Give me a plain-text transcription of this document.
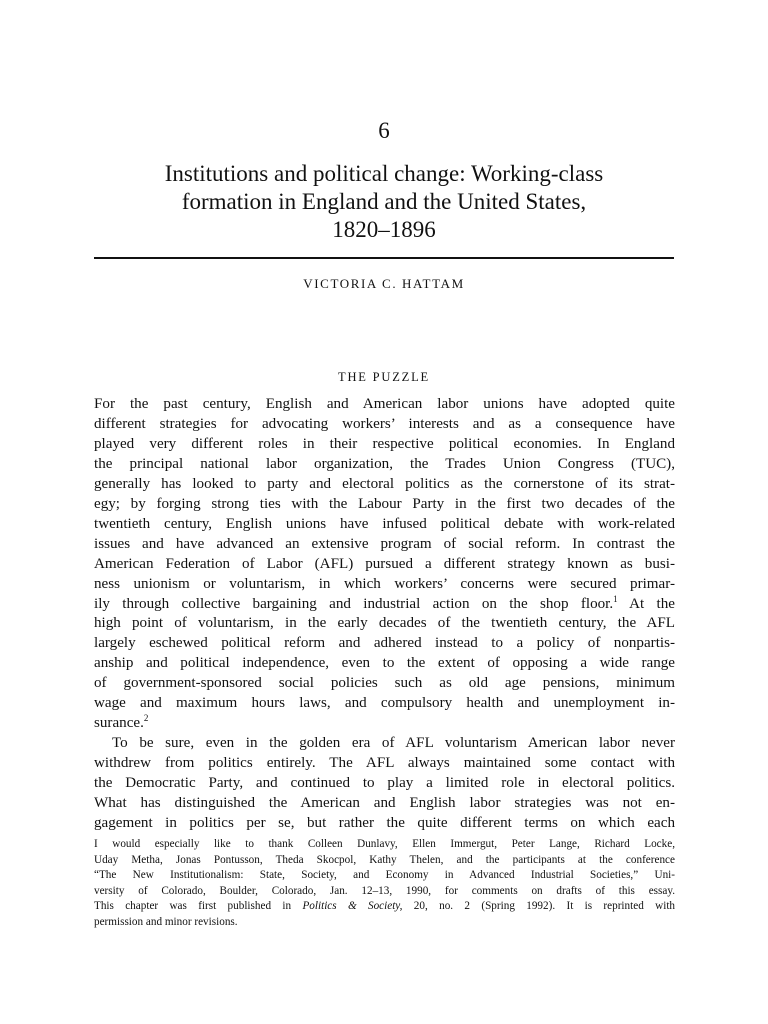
6
Institutions and political change: Working-class
formation in England and the United States,
1820–1896
VICTORIA C. HATTAM
THE PUZZLE
For the past century, English and American labor unions have adopted quite
different strategies for advocating workers’ interests and as a consequence have
played very different roles in their respective political economies. In England
the principal national labor organization, the Trades Union Congress (TUC),
generally has looked to party and electoral politics as the cornerstone of its strat-
egy; by forging strong ties with the Labour Party in the first two decades of the
twentieth century, English unions have infused political debate with work-related
issues and have advanced an extensive program of social reform. In contrast the
American Federation of Labor (AFL) pursued a different strategy known as busi-
ness unionism or voluntarism, in which workers’ concerns were secured primar-
ily through collective bargaining and industrial action on the shop floor.$^1$ At the
high point of voluntarism, in the early decades of the twentieth century, the AFL
largely eschewed political reform and adhered instead to a policy of nonpartis-
anship and political independence, even to the extent of opposing a wide range
of government-sponsored social policies such as old age pensions, minimum
wage and maximum hours laws, and compulsory health and unemployment in-
surance.$^2$
To be sure, even in the golden era of AFL voluntarism American labor never
withdrew from politics entirely. The AFL always maintained some contact with
the Democratic Party, and continued to play a limited role in electoral politics.
What has distinguished the American and English labor strategies was not en-
gagement in politics per se, but rather the quite different terms on which each
I would especially like to thank Colleen Dunlavy, Ellen Immergut, Peter Lange, Richard Locke,
Uday Metha, Jonas Pontusson, Theda Skocpol, Kathy Thelen, and the participants at the conference
“The New Institutionalism: State, Society, and Economy in Advanced Industrial Societies,” Uni-
versity of Colorado, Boulder, Colorado, Jan. 12–13, 1990, for comments on drafts of this essay.
This chapter was first published in Politics & Society, 20, no. 2 (Spring 1992). It is reprinted with
permission and minor revisions.
